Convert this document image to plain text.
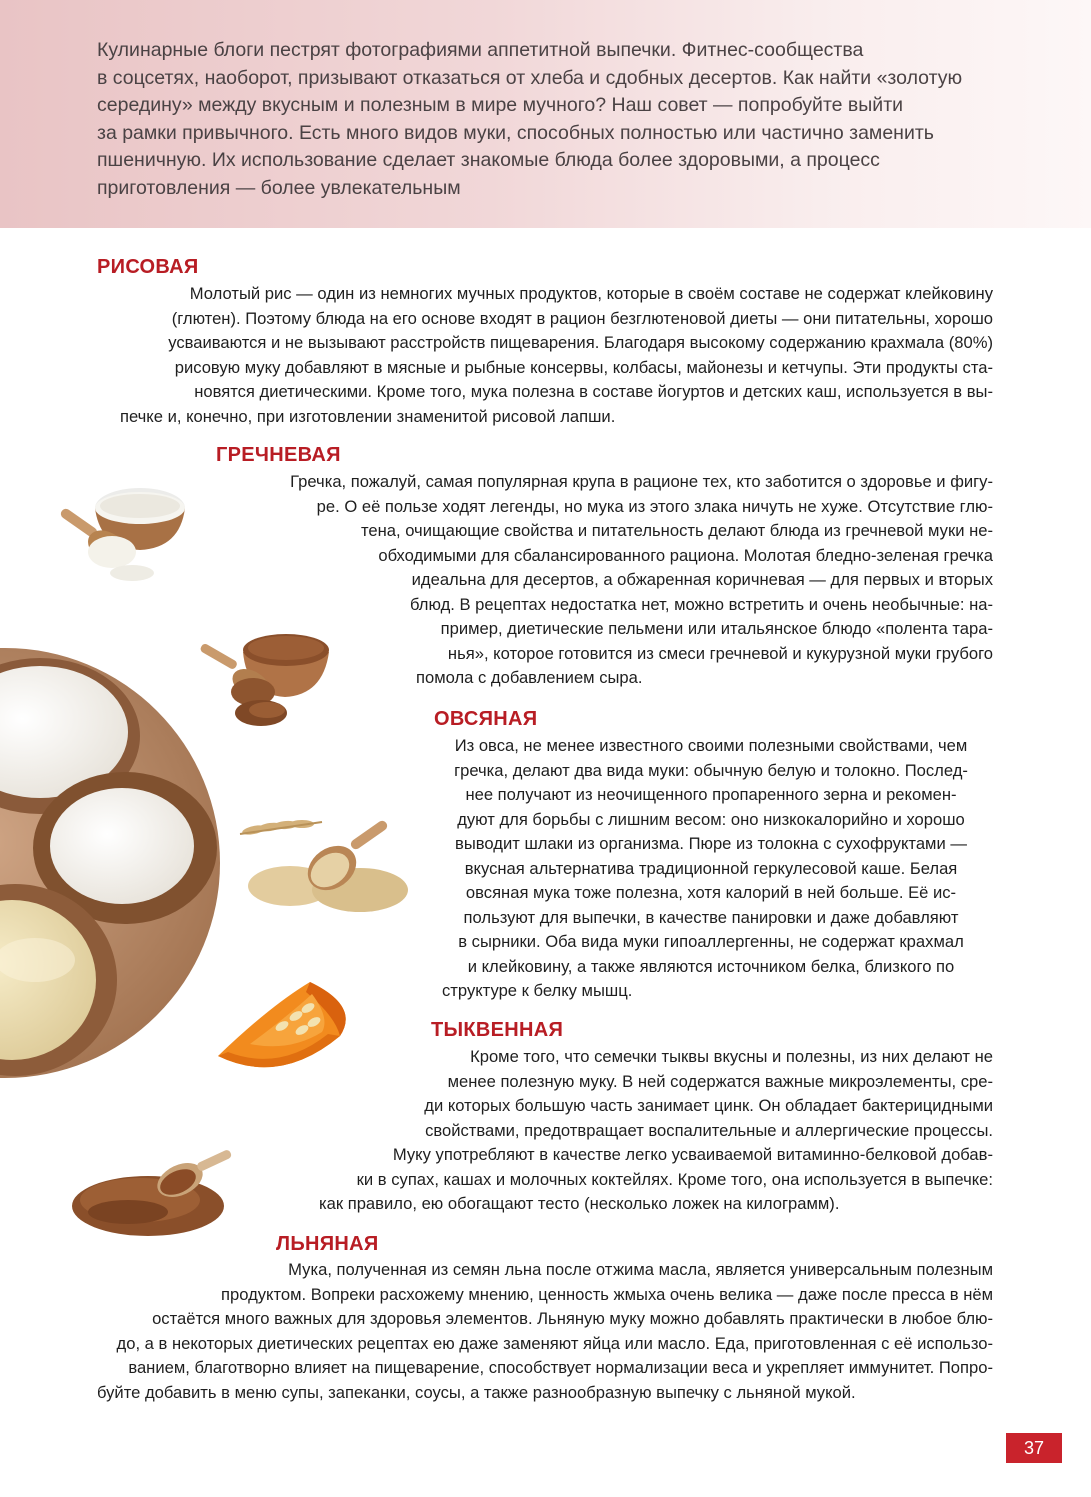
Кулинарные блоги пестрят фотографиями аппетитной выпечки. Фитнес-сообщества
в соцсетях, наоборот, призывают отказаться от хлеба и сдобных десертов. Как найти «золотую
середину» между вкусным и полезным в мире мучного? Наш совет — попробуйте выйти
за рамки привычного. Есть много видов муки, способных полностью или частично заменить
пшеничную. Их использование сделает знакомые блюда более здоровыми, а процесс
приготовления — более увлекательным
РИСОВАЯ
Молотый рис — один из немногих мучных продуктов, которые в своём составе не содержат клейковину
(глютен). Поэтому блюда на его основе входят в рацион безглютеновой диеты — они питательны, хорошо
усваиваются и не вызывают расстройств пищеварения. Благодаря высокому содержанию крахмала (80%)
рисовую муку добавляют в мясные и рыбные консервы, колбасы, майонезы и кетчупы. Эти продукты ста-
новятся диетическими. Кроме того, мука полезна в составе йогуртов и детских каш, используется в вы-
печке и, конечно, при изготовлении знаменитой рисовой лапши.
ГРЕЧНЕВАЯ
Гречка, пожалуй, самая популярная крупа в рационе тех, кто заботится о здоровье и фигу-
ре. О её пользе ходят легенды, но мука из этого злака ничуть не хуже. Отсутствие глю-
тена, очищающие свойства и питательность делают блюда из гречневой муки не-
обходимыми для сбалансированного рациона. Молотая бледно-зеленая гречка
идеальна для десертов, а обжаренная коричневая — для первых и вторых
блюд. В рецептах недостатка нет, можно встретить и очень необычные: на-
пример, диетические пельмени или итальянское блюдо «полента тара-
нья», которое готовится из смеси гречневой и кукурузной муки грубого
помола с добавлением сыра.
ОВСЯНАЯ
Из овса, не менее известного своими полезными свойствами, чем
гречка, делают два вида муки: обычную белую и толокно. Послед-
нее получают из неочищенного пропаренного зерна и рекомен-
дуют для борьбы с лишним весом: оно низкокалорийно и хорошо
выводит шлаки из организма. Пюре из толокна с сухофруктами —
вкусная альтернатива традиционной геркулесовой каше. Белая
овсяная мука тоже полезна, хотя калорий в ней больше. Её ис-
пользуют для выпечки, в качестве панировки и даже добавляют
в сырники. Оба вида муки гипоаллергенны, не содержат крахмал
и клейковину, а также являются источником белка, близкого по
структуре к белку мышц.
ТЫКВЕННАЯ
Кроме того, что семечки тыквы вкусны и полезны, из них делают не
менее полезную муку. В ней содержатся важные микроэлементы, сре-
ди которых большую часть занимает цинк. Он обладает бактерицидными
свойствами, предотвращает воспалительные и аллергические процессы.
Муку употребляют в качестве легко усваиваемой витаминно-белковой добав-
ки в супах, кашах и молочных коктейлях. Кроме того, она используется в выпечке:
как правило, ею обогащают тесто (несколько ложек на килограмм).
ЛЬНЯНАЯ
Мука, полученная из семян льна после отжима масла, является универсальным полезным
продуктом. Вопреки расхожему мнению, ценность жмыха очень велика — даже после пресса в нём
остаётся много важных для здоровья элементов. Льняную муку можно добавлять практически в любое блю-
до, а в некоторых диетических рецептах ею даже заменяют яйца или масло. Еда, приготовленная с её использо-
ванием, благотворно влияет на пищеварение, способствует нормализации веса и укрепляет иммунитет. Попро-
буйте добавить в меню супы, запеканки, соусы, а также разнообразную выпечку с льняной мукой.
37
